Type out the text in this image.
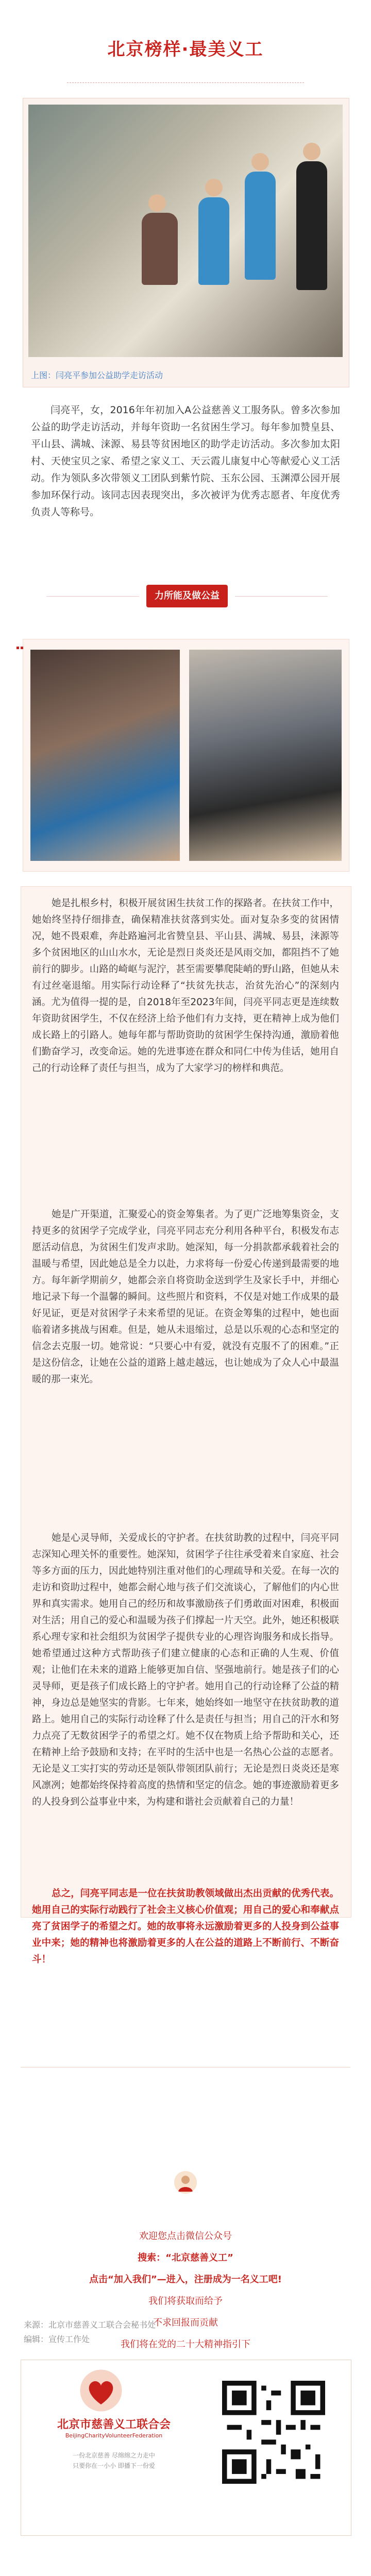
北京榜样·最美义工
上图：闫亮平参加公益助学走访活动
闫亮平，女，2016年年初加入A公益慈善义工服务队。曾多次参加公益的助学走访活动，并每年资助一名贫困生学习。每年参加赞皇县、平山县、满城、涞源、易县等贫困地区的助学走访活动。多次参加太阳村、天使宝贝之家、希望之家义工、天云霞儿康复中心等献爱心义工活动。作为领队多次带领义工团队到紫竹院、玉东公园、玉渊潭公园开展参加环保行动。该同志因表现突出，多次被评为优秀志愿者、年度优秀负责人等称号。
力所能及做公益
她是扎根乡村，积极开展贫困生扶贫工作的探路者。在扶贫工作中，她始终坚持仔细排查，确保精准扶贫落到实处。面对复杂多变的贫困情况，她不畏艰难，奔赴路遍河北省赞皇县、平山县、满城、易县，涞源等多个贫困地区的山山水水，无论是烈日炎炎还是风雨交加，都阻挡不了她前行的脚步。山路的崎岖与泥泞，甚至需要攀爬陡峭的野山路，但她从未有过丝毫退缩。用实际行动诠释了“扶贫先扶志，治贫先治心”的深刻内涵。尤为值得一提的是，自2018年至2023年间，闫亮平同志更是连续数年资助贫困学生，不仅在经济上给予他们有力支持，更在精神上成为他们成长路上的引路人。她每年都与帮助资助的贫困学生保持沟通，激励着他们勤奋学习，改变命运。她的先进事迹在群众和同仁中传为佳话，她用自己的行动诠释了责任与担当，成为了大家学习的榜样和典范。
她是广开渠道，汇聚爱心的资金筹集者。为了更广泛地筹集资金，支持更多的贫困学子完成学业，闫亮平同志充分利用各种平台，积极发布志愿活动信息，为贫困生们发声求助。她深知，每一分捐款都承载着社会的温暖与希望，因此她总是全力以赴，力求将每一份爱心传递到最需要的地方。每年新学期前夕，她都会亲自将资助金送到学生及家长手中，并细心地记录下每一个温馨的瞬间。这些照片和资料，不仅是对她工作成果的最好见证，更是对贫困学子未来希望的见证。在资金筹集的过程中，她也面临着诸多挑战与困难。但是，她从未退缩过，总是以乐观的心态和坚定的信念去克服一切。她常说：“只要心中有爱，就没有克服不了的困难。”正是这份信念，让她在公益的道路上越走越远，也让她成为了众人心中最温暖的那一束光。
她是心灵导师，关爱成长的守护者。在扶贫助教的过程中，闫亮平同志深知心理关怀的重要性。她深知，贫困学子往往承受着来自家庭、社会等多方面的压力，因此她特别注重对他们的心理疏导和关爱。在每一次的走访和资助过程中，她都会耐心地与孩子们交流谈心，了解他们的内心世界和真实需求。她用自己的经历和故事激励孩子们勇敢面对困难，积极面对生活；用自己的爱心和温暖为孩子们撑起一片天空。此外，她还积极联系心理专家和社会组织为贫困学子提供专业的心理咨询服务和成长指导。她希望通过这种方式帮助孩子们建立健康的心态和正确的人生观、价值观；让他们在未来的道路上能够更加自信、坚强地前行。她是孩子们的心灵导师，更是孩子们成长路上的守护者。她用自己的行动诠释了公益的精神，身边总是她坚实的背影。七年来，她始终如一地坚守在扶贫助教的道路上。她用自己的实际行动诠释了什么是责任与担当；用自己的汗水和努力点亮了无数贫困学子的希望之灯。她不仅在物质上给予帮助和关心，还在精神上给予鼓励和支持；在平时的生活中也是一名热心公益的志愿者。无论是义工实打实的劳动还是领队带领团队前行；无论是烈日炎炎还是寒风凛冽；她都始终保持着高度的热情和坚定的信念。她的事迹激励着更多的人投身到公益事业中来，为构建和谐社会贡献着自己的力量！
总之，闫亮平同志是一位在扶贫助教领域做出杰出贡献的优秀代表。她用自己的实际行动践行了社会主义核心价值观；用自己的爱心和奉献点亮了贫困学子的希望之灯。她的故事将永远激励着更多的人投身到公益事业中来；她的精神也将激励着更多的人在公益的道路上不断前行、不断奋斗！
欢迎您点击微信公众号
搜索：“北京慈善义工”
点击“加入我们”—进入，注册成为一名义工吧!
我们将获取而给予
不求回报而贡献
我们将在党的二十大精神指引下
来源：北京市慈善义工联合会秘书处
编辑：宣传工作处
北京市慈善义工联合会
BeijingCharityVolunteerFederation
一份北京慈善 尽绵绵之力走中
只要你在一小小 即播下一份爱
